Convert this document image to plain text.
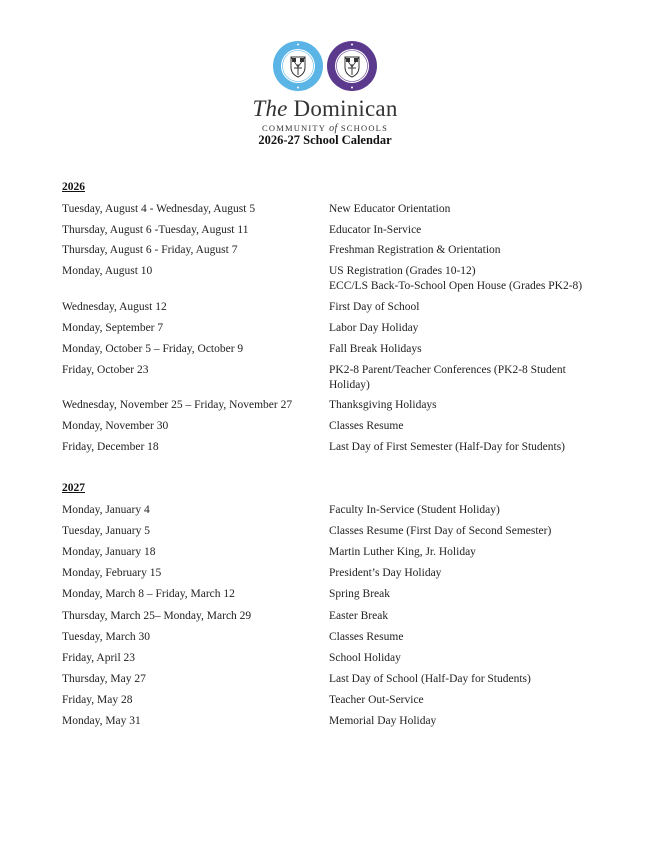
The Dominican
COMMUNITY of SCHOOLS
2026-27 School Calendar
2026
Tuesday, August 4 - Wednesday, August 5	New Educator Orientation
Thursday, August 6 -Tuesday, August 11	Educator In-Service
Thursday, August 6 - Friday, August 7	Freshman Registration & Orientation
Monday, August 10	US Registration (Grades 10-12)
ECC/LS Back-To-School Open House (Grades PK2-8)
Wednesday, August 12	First Day of School
Monday, September 7	Labor Day Holiday
Monday, October 5 – Friday, October 9	Fall Break Holidays
Friday, October 23	PK2-8 Parent/Teacher Conferences (PK2-8 Student
Holiday)
Wednesday, November 25 – Friday, November 27	Thanksgiving Holidays
Monday, November 30	Classes Resume
Friday, December 18	Last Day of First Semester (Half-Day for Students)
2027
Monday, January 4	Faculty In-Service (Student Holiday)
Tuesday, January 5	Classes Resume (First Day of Second Semester)
Monday, January 18	Martin Luther King, Jr. Holiday
Monday, February 15	President’s Day Holiday
Monday, March 8 – Friday, March 12	Spring Break
Thursday, March 25– Monday, March 29	Easter Break
Tuesday, March 30	Classes Resume
Friday, April 23	School Holiday
Thursday, May 27	Last Day of School (Half-Day for Students)
Friday, May 28	Teacher Out-Service
Monday, May 31	Memorial Day Holiday
